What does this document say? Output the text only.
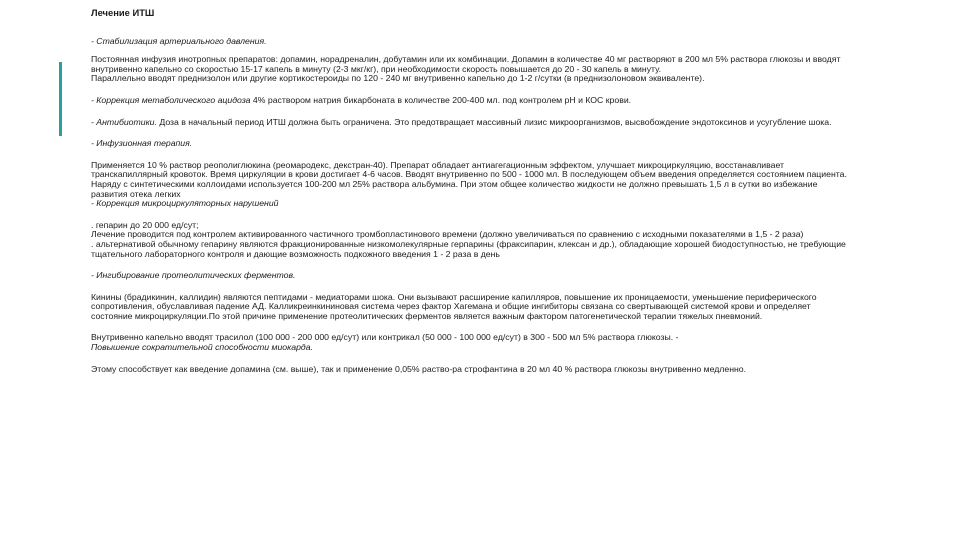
Лечение ИТШ

- Стабилизация артериального давления.

Постоянная инфузия инотропных препаратов: допамин, норадреналин, добутамин или их комбинации. Допамин в количестве 40 мг растворяют в 200 мл 5% раствора глюкозы и вводят внутривенно капельно со скоростью 15-17 капель в минуту (2-3 мкг/кг), при необходимости скорость повышается до 20 - 30 капель в минуту.
Параллельно вводят преднизолон или другие кортикостероиды по 120 - 240 мг внутривенно капельно до 1-2 г/сутки (в преднизолоновом эквиваленте).

- Коррекция метаболического ацидоза 4% раствором натрия бикарбоната в количестве 200-400 мл. под контролем pH и КОС крови.

- Антибиотики. Доза в начальный период ИТШ должна быть ограничена. Это предотвращает массивный лизис микроорганизмов, высвобождение эндотоксинов и усугубление шока.

- Инфузионная терапия.

Применяется 10 % раствор реополиглюкина (реомародекс, декстран-40). Препарат обладает антиагегационным эффектом, улучшает микроциркуляцию, восстанавливает транскапиллярный кровоток. Время циркуляции в крови достигает 4-6 часов. Вводят внутривенно по 500 - 1000 мл. В последующем объем введения определяется состоянием пациента.
Наряду с синтетическими коллоидами используется 100-200 мл 25% раствора альбумина. При этом общее количество жидкости не должно превышать 1,5 л в сутки во избежание развития отека легких

- Коррекция микроциркуляторных нарушений

. гепарин до 20 000 ед/сут;
Лечение проводится под контролем активированного частичного тромбопластинового времени (должно увеличиваться по сравнению с исходными показателями в 1,5 - 2 раза)
. альтернативой обычному гепарину являются фракционированные низкомолекулярные герпарины (фраксипарин, клексан и др.), обладающие хорошей биодоступностью, не требующие тщательного лабораторного контроля и дающие возможность подкожного введения 1 - 2 раза в день

- Ингибирование протеолитических ферментов.

Кинины (брадикинин, каллидин) являются пептидами - медиаторами шока. Они вызывают расширение капилляров, повышение их проницаемости, уменьшение периферического сопротивления, обуславливая падение АД. Калликреинкининовая система через фактор Хагемана и общие ингибиторы связана со свертывающей системой крови и определяет состояние микроциркуляции.По этой причине применение протеолитических ферментов является важным фактором патогенетической терапии тяжелых пневмоний.

Внутривенно капельно вводят трасилол (100 000 - 200 000 ед/сут) или контрикал (50 000 - 100 000 ед/сут) в 300 - 500 мл 5% раствора глюкозы. -

Повышение сократительной способности миокарда.

Этому способствует как введение допамина (см. выше), так и применение 0,05% раство-ра строфантина в 20 мл 40 % раствора глюкозы внутривенно медленно.
